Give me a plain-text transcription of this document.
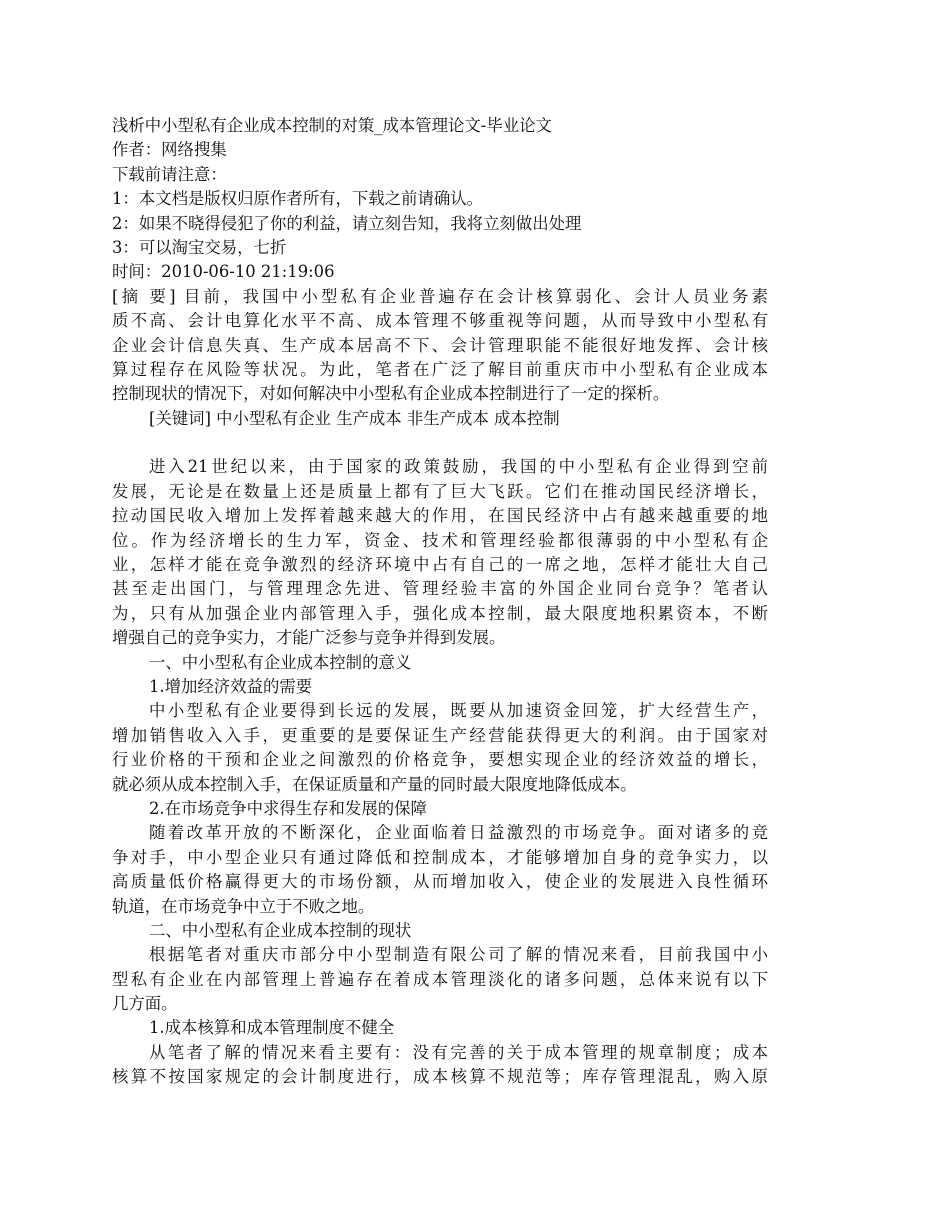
浅析中小型私有企业成本控制的对策_成本管理论文-毕业论文
作者：网络搜集
下载前请注意：
1：本文档是版权归原作者所有，下载之前请确认。
2：如果不晓得侵犯了你的利益，请立刻告知，我将立刻做出处理
3：可以淘宝交易，七折
时间：2010-06-10 21:19:06
[摘 要] 目前，我国中小型私有企业普遍存在会计核算弱化、会计人员业务素
质不高、会计电算化水平不高、成本管理不够重视等问题，从而导致中小型私有
企业会计信息失真、生产成本居高不下、会计管理职能不能很好地发挥、会计核
算过程存在风险等状况。为此，笔者在广泛了解目前重庆市中小型私有企业成本
控制现状的情况下，对如何解决中小型私有企业成本控制进行了一定的探析。
[关键词] 中小型私有企业 生产成本 非生产成本 成本控制
进入21世纪以来，由于国家的政策鼓励，我国的中小型私有企业得到空前
发展，无论是在数量上还是质量上都有了巨大飞跃。它们在推动国民经济增长，
拉动国民收入增加上发挥着越来越大的作用，在国民经济中占有越来越重要的地
位。作为经济增长的生力军，资金、技术和管理经验都很薄弱的中小型私有企
业，怎样才能在竞争激烈的经济环境中占有自己的一席之地，怎样才能壮大自己
甚至走出国门，与管理理念先进、管理经验丰富的外国企业同台竞争？笔者认
为，只有从加强企业内部管理入手，强化成本控制，最大限度地积累资本，不断
增强自己的竞争实力，才能广泛参与竞争并得到发展。
一、中小型私有企业成本控制的意义
1.增加经济效益的需要
中小型私有企业要得到长远的发展，既要从加速资金回笼，扩大经营生产，
增加销售收入入手，更重要的是要保证生产经营能获得更大的利润。由于国家对
行业价格的干预和企业之间激烈的价格竞争，要想实现企业的经济效益的增长，
就必须从成本控制入手，在保证质量和产量的同时最大限度地降低成本。
2.在市场竞争中求得生存和发展的保障
随着改革开放的不断深化，企业面临着日益激烈的市场竞争。面对诸多的竞
争对手，中小型企业只有通过降低和控制成本，才能够增加自身的竞争实力，以
高质量低价格赢得更大的市场份额，从而增加收入，使企业的发展进入良性循环
轨道，在市场竞争中立于不败之地。
二、中小型私有企业成本控制的现状
根据笔者对重庆市部分中小型制造有限公司了解的情况来看，目前我国中小
型私有企业在内部管理上普遍存在着成本管理淡化的诸多问题，总体来说有以下
几方面。
1.成本核算和成本管理制度不健全
从笔者了解的情况来看主要有：没有完善的关于成本管理的规章制度；成本
核算不按国家规定的会计制度进行，成本核算不规范等；库存管理混乱，购入原
